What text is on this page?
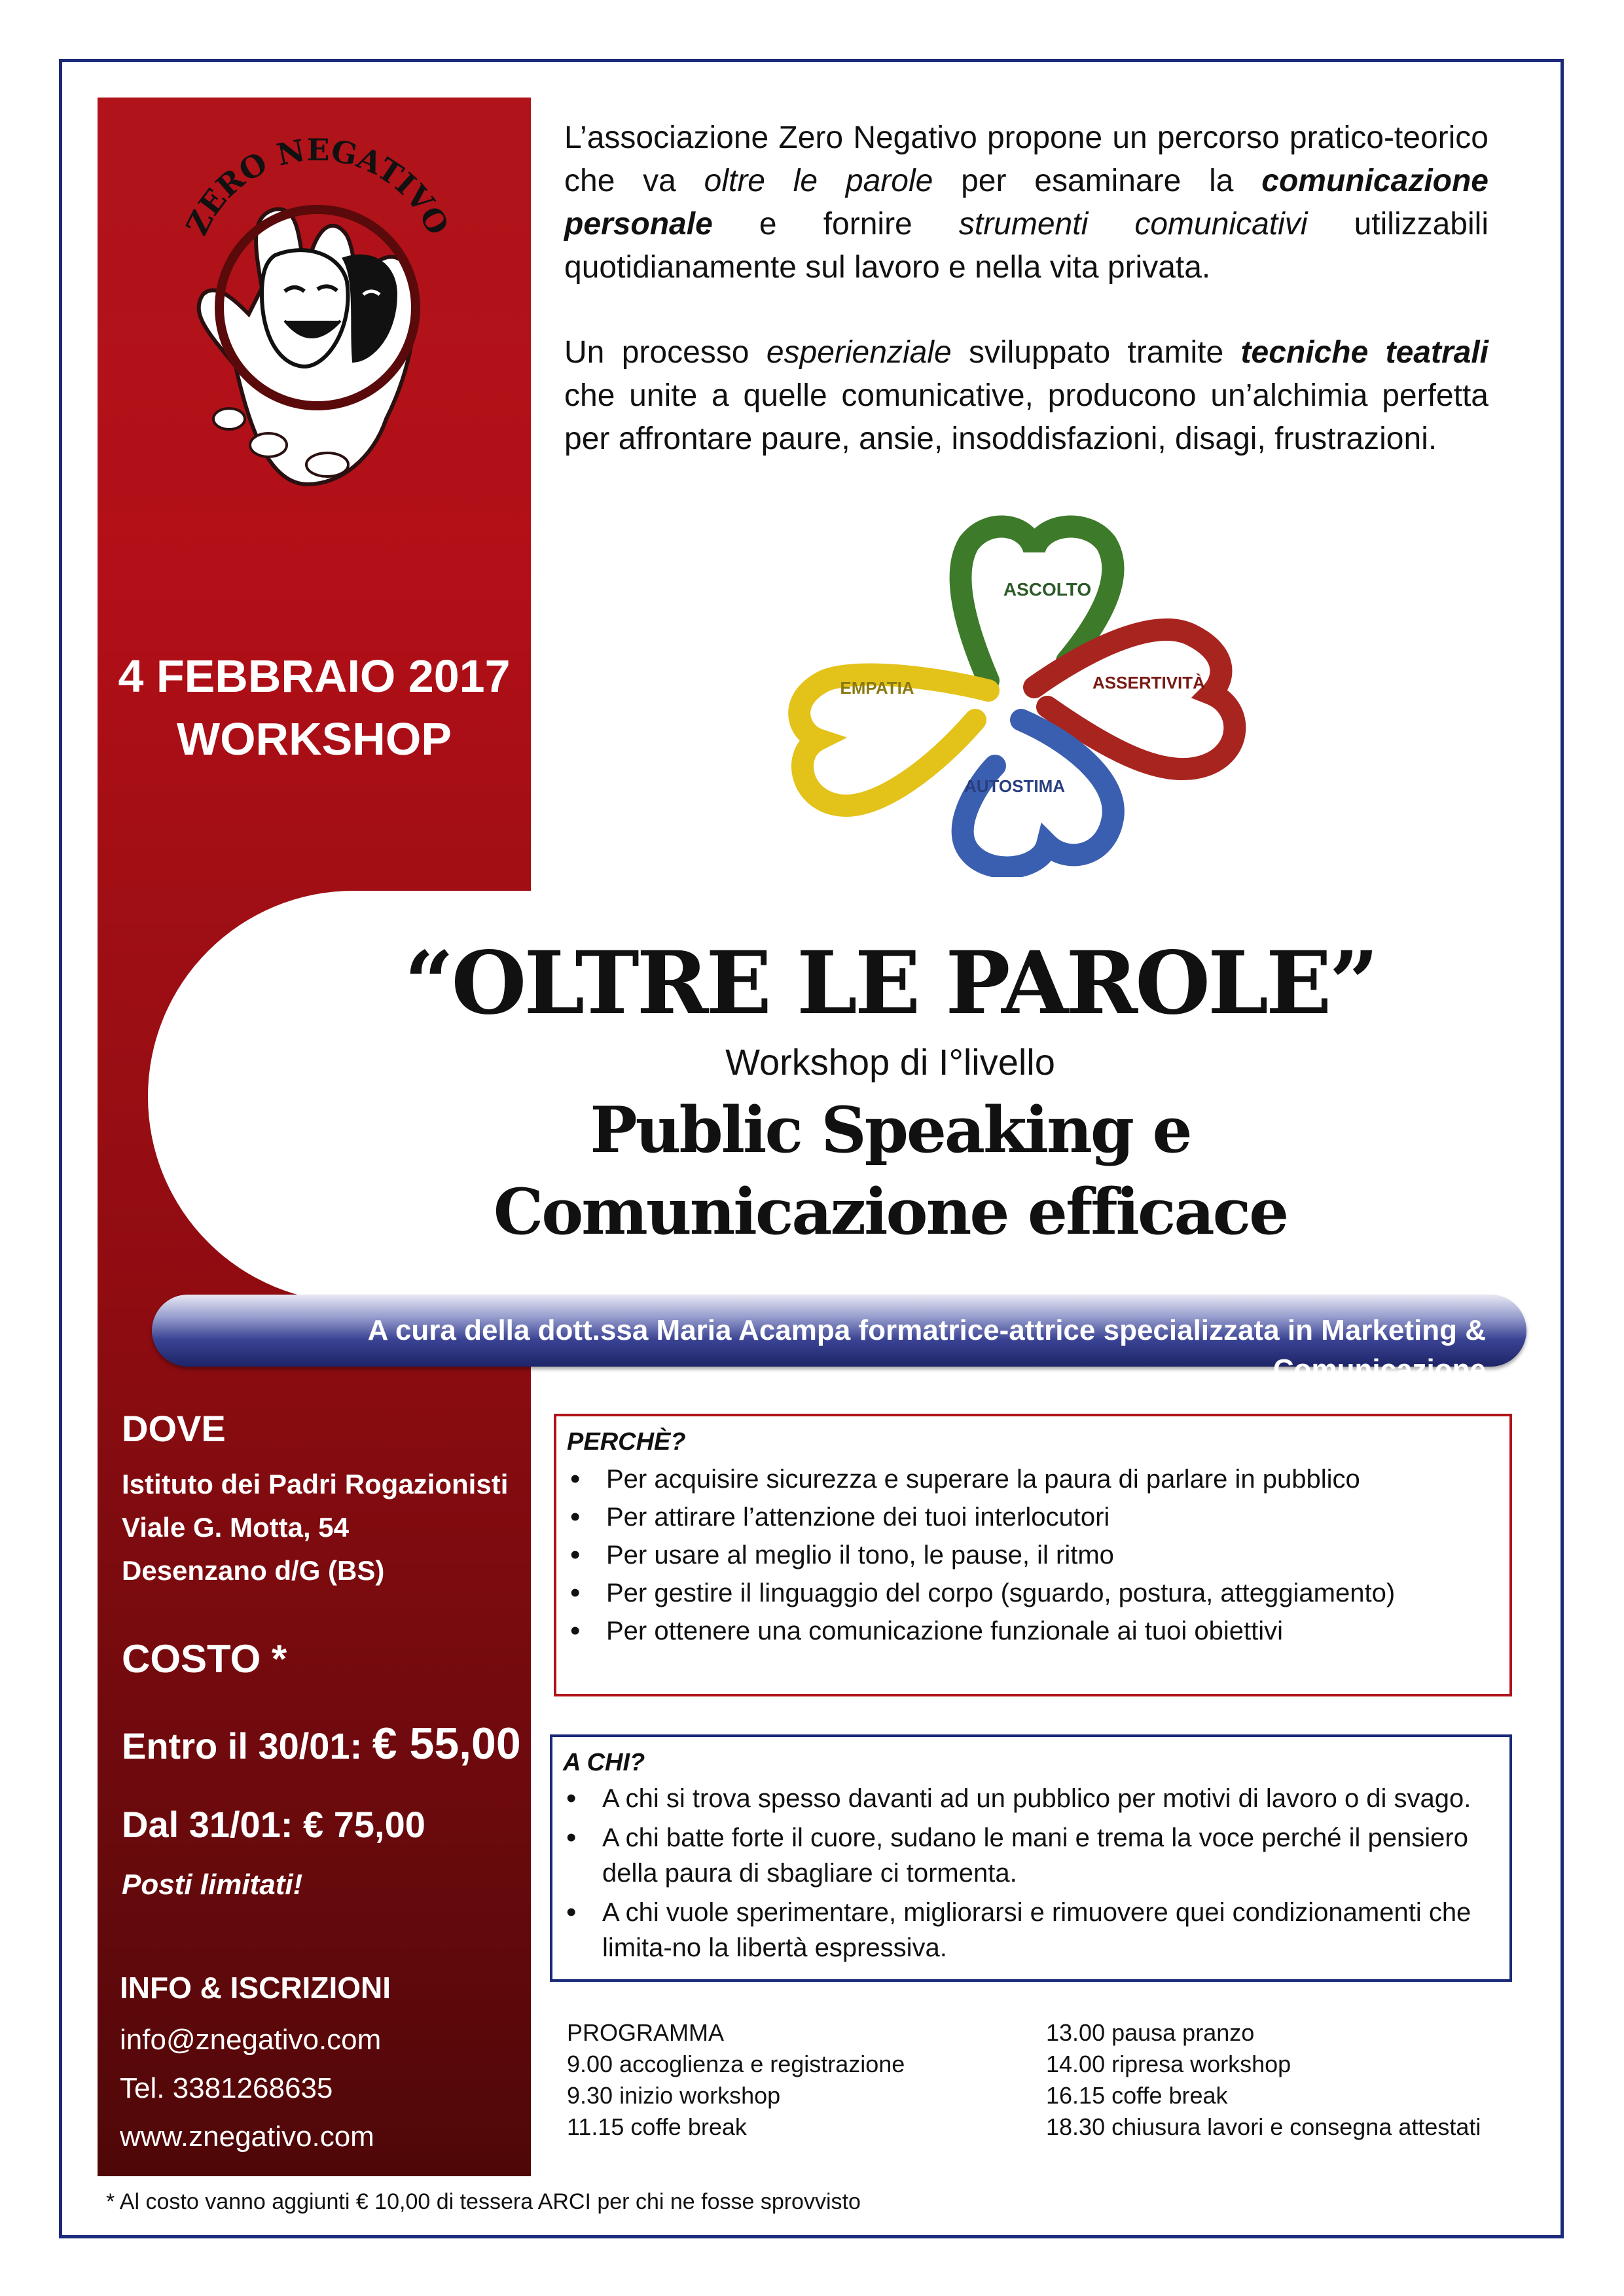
ZERO NEGATIVO
4 FEBBRAIO 2017
WORKSHOP

L’associazione Zero Negativo propone un percorso pratico-teorico che va oltre le parole per esaminare la comunicazione personale e fornire strumenti comunicativi utilizzabili quotidianamente sul lavoro e nella vita privata.

Un processo esperienziale sviluppato tramite tecniche teatrali che unite a quelle comunicative, producono un’alchimia perfetta per affrontare paure, ansie, insoddisfazioni, disagi, frustrazioni.

ASCOLTO
EMPATIA	ASSERTIVITÀ
AUTOSTIMA
“OLTRE LE PAROLE”
Workshop di I°livello
Public Speaking e
Comunicazione efficace
A cura della dott.ssa Maria Acampa formatrice-attrice specializzata in Marketing & Comunicazione
DOVE
Istituto dei Padri Rogazionisti
Viale G. Motta, 54
Desenzano d/G (BS)
COSTO *
Entro il 30/01: € 55,00
Dal 31/01: € 75,00
Posti limitati!
INFO & ISCRIZIONI
info@znegativo.com
Tel. 3381268635
www.znegativo.com
PERCHÈ?
• Per acquisire sicurezza e superare la paura di parlare in pubblico
• Per attirare l’attenzione dei tuoi interlocutori
• Per usare al meglio il tono, le pause, il ritmo
• Per gestire il linguaggio del corpo (sguardo, postura, atteggiamento)
• Per ottenere una comunicazione funzionale ai tuoi obiettivi
A CHI?
• A chi si trova spesso davanti ad un pubblico per motivi di lavoro o di svago.
• A chi batte forte il cuore, sudano le mani e trema la voce perché il pensiero della paura di sbagliare ci tormenta.
• A chi vuole sperimentare, migliorarsi e rimuovere quei condizionamenti che limita-no la libertà espressiva.
PROGRAMMA
9.00 accoglienza e registrazione
9.30 inizio workshop
11.15 coffe break
13.00 pausa pranzo
14.00 ripresa workshop
16.15 coffe break
18.30 chiusura lavori e consegna attestati
* Al costo vanno aggiunti € 10,00 di tessera ARCI per chi ne fosse sprovvisto
